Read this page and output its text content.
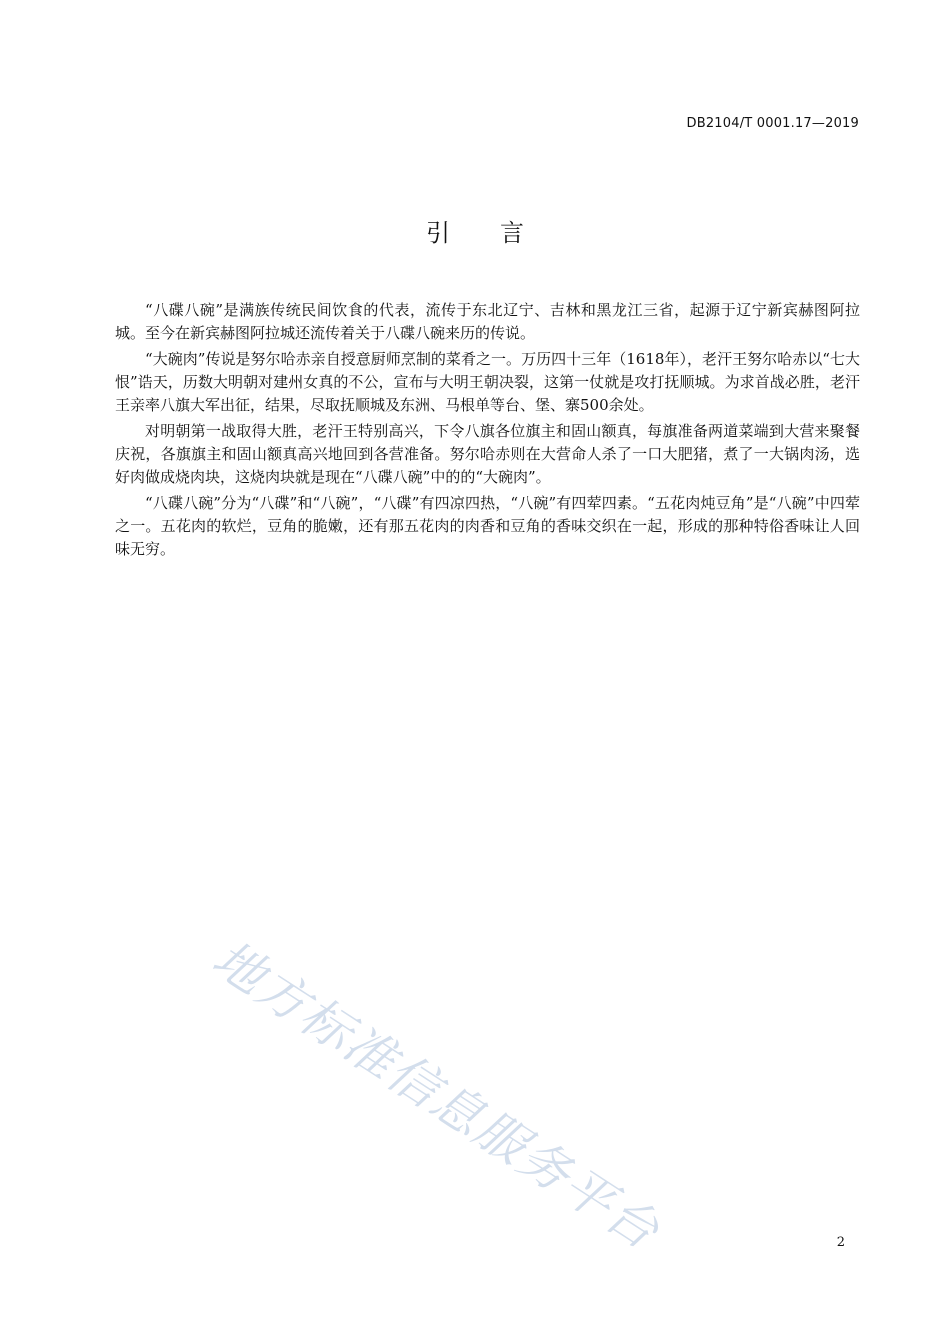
DB2104/T 0001.17—2019
引言

“八碟八碗”是满族传统民间饮食的代表，流传于东北辽宁、吉林和黑龙江三省，起源于辽宁新宾赫图阿拉城。至今在新宾赫图阿拉城还流传着关于八碟八碗来历的传说。

“大碗肉”传说是努尔哈赤亲自授意厨师烹制的菜肴之一。万历四十三年（1618年），老汗王努尔哈赤以“七大恨”诰天，历数大明朝对建州女真的不公，宣布与大明王朝决裂，这第一仗就是攻打抚顺城。为求首战必胜，老汗王亲率八旗大军出征，结果，尽取抚顺城及东洲、马根单等台、堡、寨500余处。

对明朝第一战取得大胜，老汗王特别高兴，下令八旗各位旗主和固山额真，每旗准备两道菜端到大营来聚餐庆祝，各旗旗主和固山额真高兴地回到各营准备。努尔哈赤则在大营命人杀了一口大肥猪，煮了一大锅肉汤，选好肉做成烧肉块，这烧肉块就是现在“八碟八碗”中的的“大碗肉”。

“八碟八碗”分为“八碟”和“八碗”，“八碟”有四凉四热，“八碗”有四荤四素。“五花肉炖豆角”是“八碗”中四荤之一。五花肉的软烂，豆角的脆嫩，还有那五花肉的肉香和豆角的香味交织在一起，形成的那种特俗香味让人回味无穷。

地方标准信息服务平台	2
